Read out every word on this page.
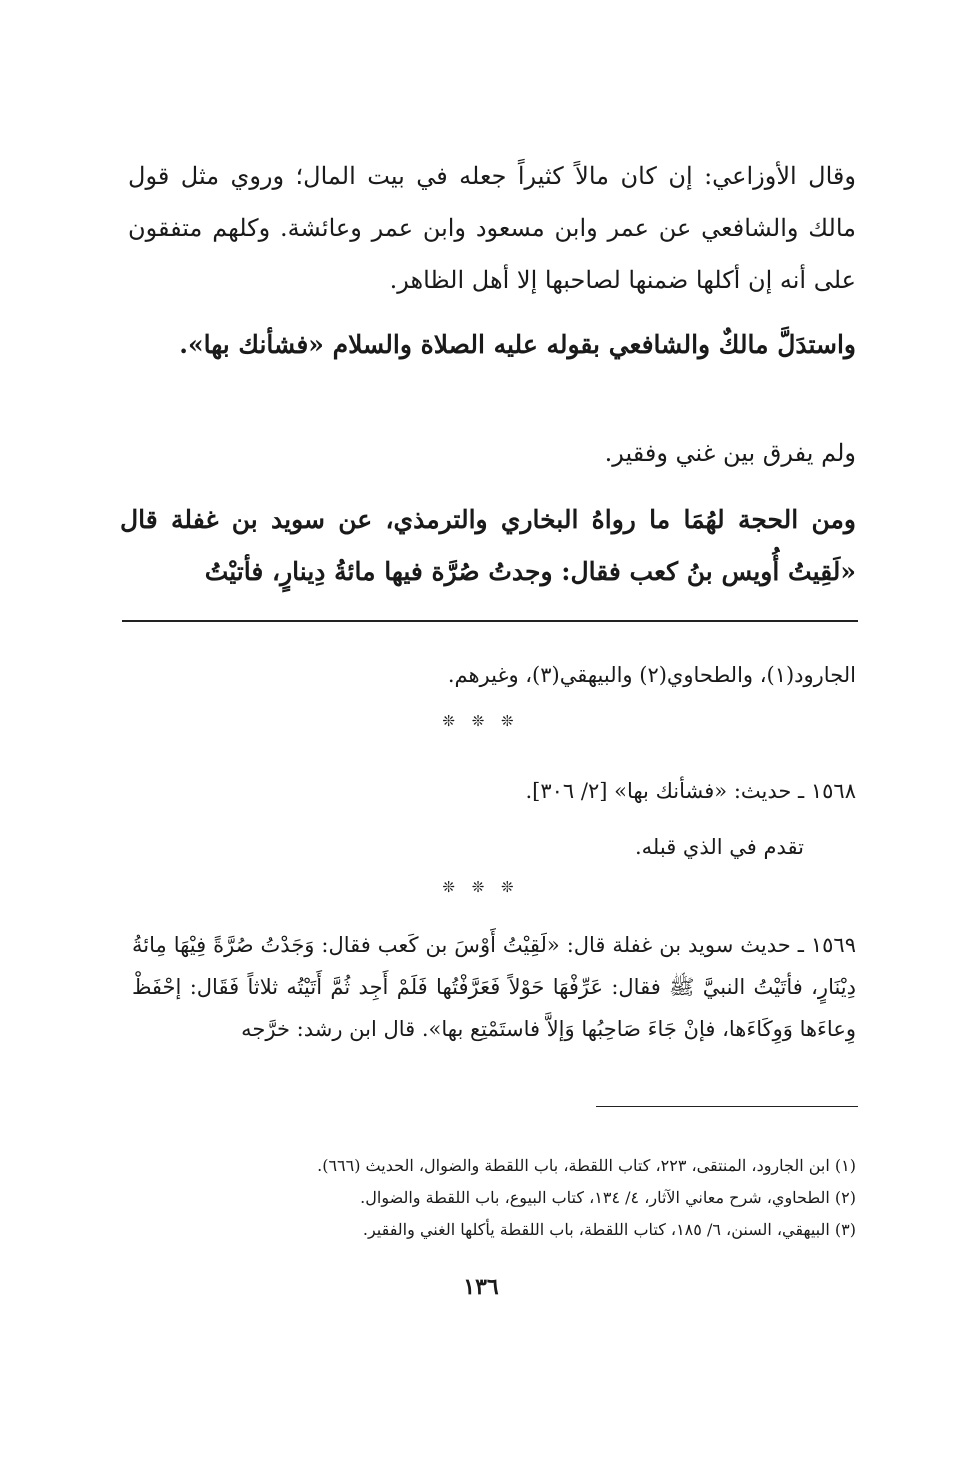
وقال الأوزاعي: إن كان مالاً كثيراً جعله في بيت المال؛ وروي مثل قول مالك والشافعي عن عمر وابن مسعود وابن عمر وعائشة. وكلهم متفقون على أنه إن أكلها ضمنها لصاحبها إلا أهل الظاهر.
واستدَلَّ مالكٌ والشافعي بقوله عليه الصلاة والسلام «فشأنك بها».
ولم يفرق بين غني وفقير.
ومن الحجة لهُمَا ما رواهُ البخاري والترمذي، عن سويد بن غفلة قال «لَقِيتُ أُويس بنُ كعب فقال: وجدتُ صُرَّة فيها مائةُ دِينارٍ، فأتيْتُ
الجارود(١)، والطحاوي(٢) والبيهقي(٣)، وغيرهم.
❊ ❊ ❊
١٥٦٨ ـ حديث: «فشأنك بها» [٢/ ٣٠٦].
تقدم في الذي قبله.
❊ ❊ ❊
١٥٦٩ ـ حديث سويد بن غفلة قال: «لَقِيْتُ أَوْسَ بن كَعب فقال: وَجَدْتُ صُرَّةً فِيْهَا مِائةُ دِيْنَارٍ، فأتَيْتُ النبيَّ ﷺ فقال: عَرِّفْهَا حَوْلاً فَعَرَّفْتُها فَلَمْ أَجِد ثُمَّ أَتَيْتُه ثلاثاً فَقَال: إحْفَظْ وِعاءَها وَوِكَاءَها، فإنْ جَاءَ صَاحِبُها وَإلاَّ فاستَمْتِع بها». قال ابن رشد: خرَّجه
(١) ابن الجارود، المنتقى، ٢٢٣، كتاب اللقطة، باب اللقطة والضوال، الحديث (٦٦٦).
(٢) الطحاوي، شرح معاني الآثار، ٤/ ١٣٤، كتاب البيوع، باب اللقطة والضوال.
(٣) البيهقي، السنن، ٦/ ١٨٥، كتاب اللقطة، باب اللقطة يأكلها الغني والفقير.
١٣٦
